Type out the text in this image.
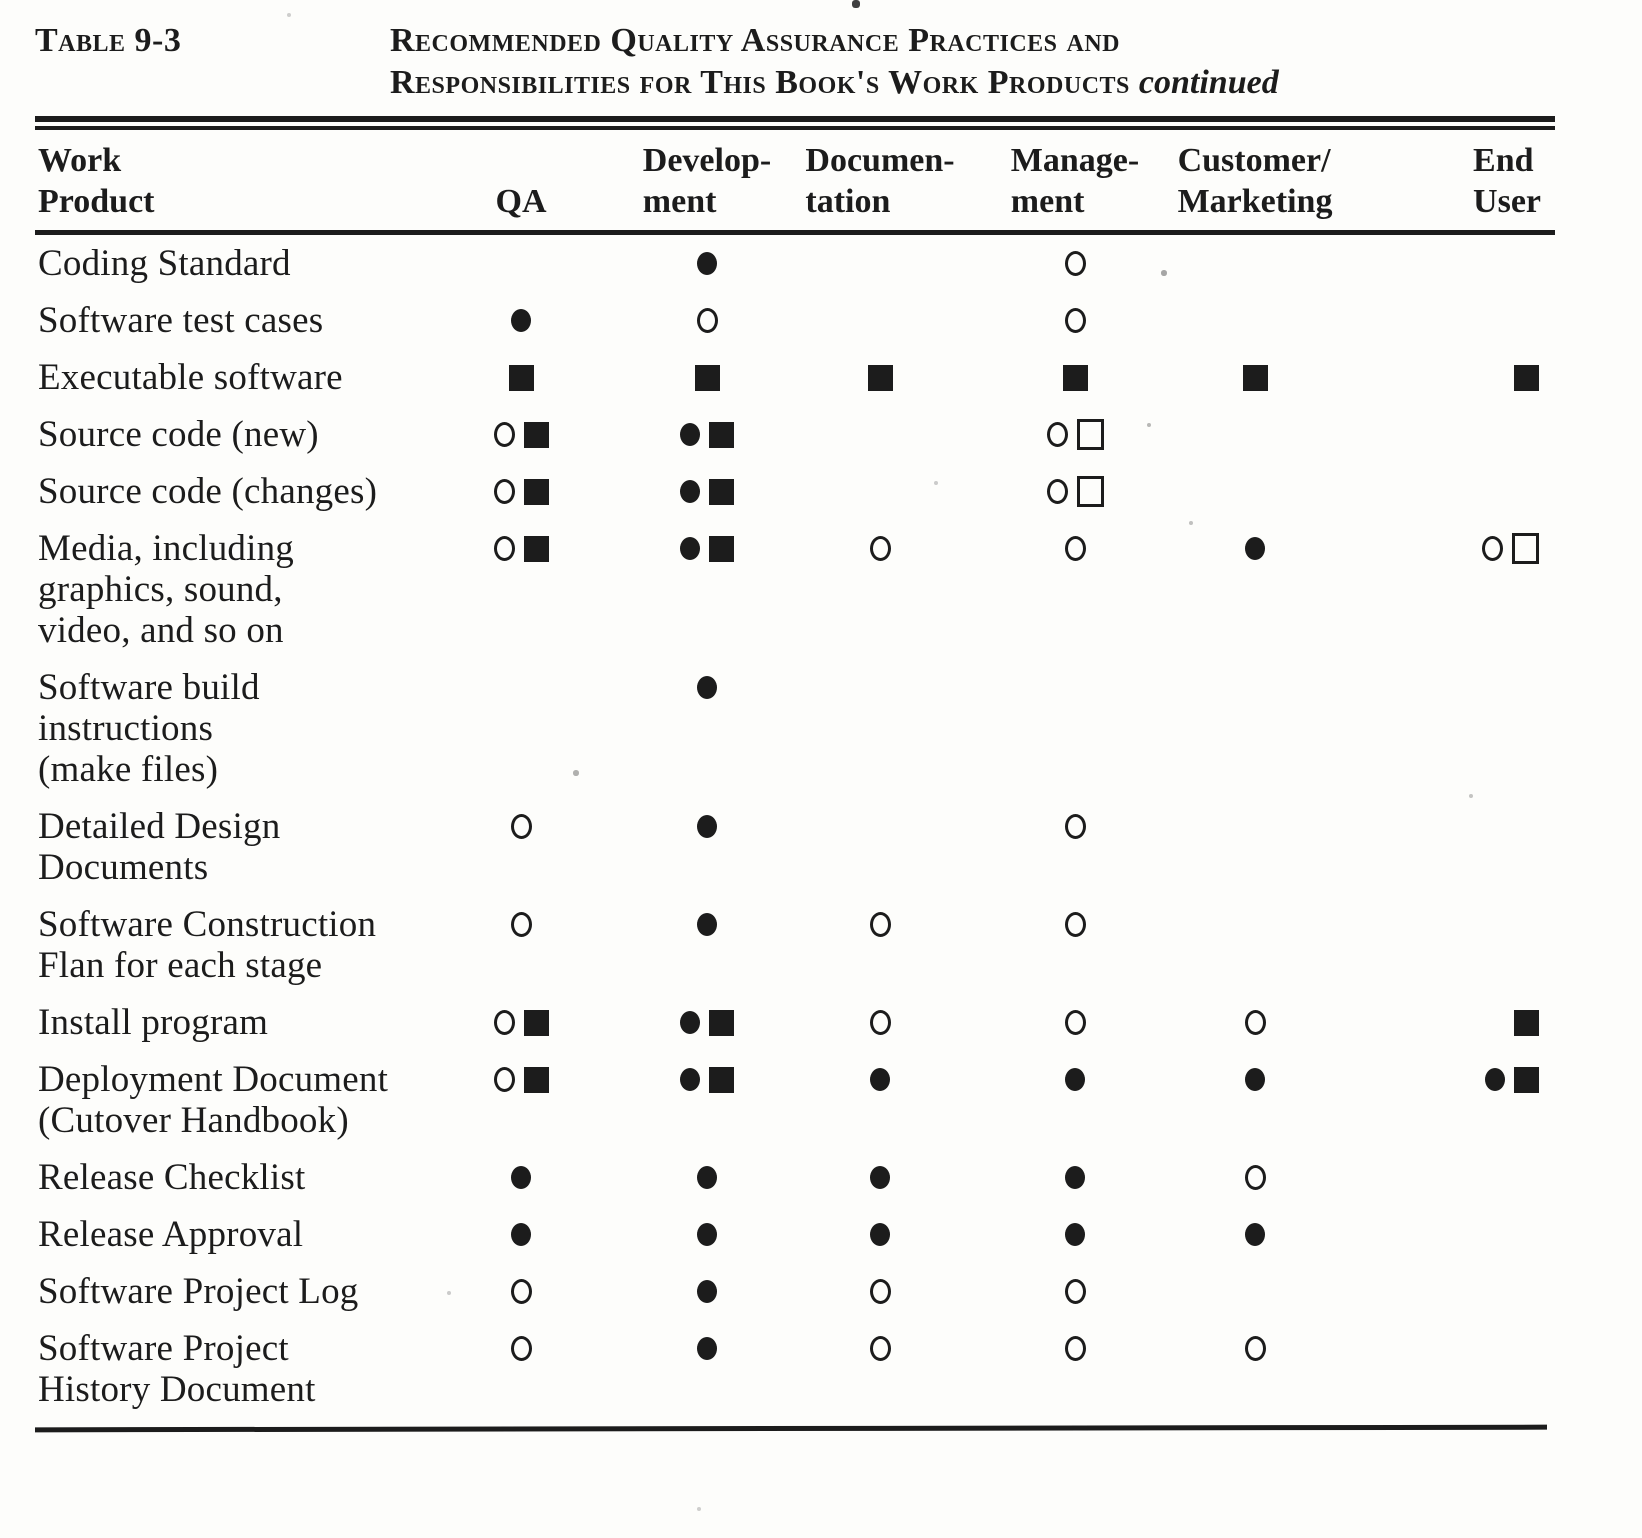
Table 9-3	Recommended Quality Assurance Practices and
Responsibilities for This Book's Work Products continued
Work
Product	QA
Develop-
ment
Documen-
tation
Manage-
ment
Customer/
Marketing
End
User
Coding Standard
Software test cases
Executable software
Source code (new)
Source code (changes)
Media, including
graphics, sound,
video, and so on
Software build
instructions
(make files)
Detailed Design
Documents
Software Construction
Flan for each stage
Install program
Deployment Document
(Cutover Handbook)
Release Checklist
Release Approval
Software Project Log
Software Project
History Document
